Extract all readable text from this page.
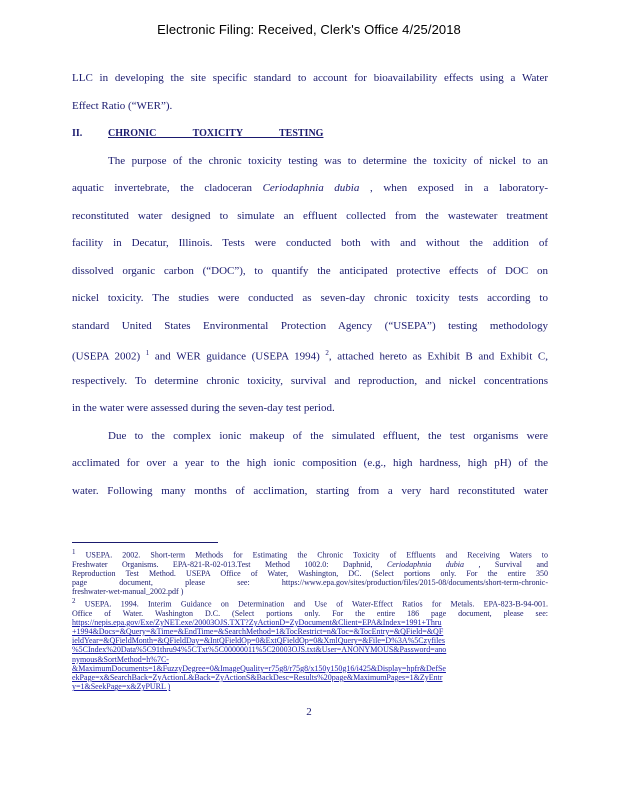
Electronic Filing: Received, Clerk's Office 4/25/2018
LLC in developing the site specific standard to account for bioavailability effects using a Water
Effect Ratio (“WER”).
II.	CHRONIC TOXICITY TESTING
The purpose of the chronic toxicity testing was to determine the toxicity of nickel to an
aquatic invertebrate, the cladoceran Ceriodaphnia dubia , when exposed in a laboratory-
reconstituted water designed to simulate an effluent collected from the wastewater treatment
facility in Decatur, Illinois. Tests were conducted both with and without the addition of
dissolved organic carbon (“DOC”), to quantify the anticipated protective effects of DOC on
nickel toxicity. The studies were conducted as seven-day chronic toxicity tests according to
standard United States Environmental Protection Agency (“USEPA”) testing methodology
(USEPA 2002) $^1$ and WER guidance (USEPA 1994) $^2$, attached hereto as Exhibit B and Exhibit C,
respectively. To determine chronic toxicity, survival and reproduction, and nickel concentrations
in the water were assessed during the seven-day test period.
Due to the complex ionic makeup of the simulated effluent, the test organisms were
acclimated for over a year to the high ionic composition (e.g., high hardness, high pH) of the
water. Following many months of acclimation, starting from a very hard reconstituted water
1 USEPA. 2002. Short-term Methods for Estimating the Chronic Toxicity of Effluents and Receiving Waters to
Freshwater Organisms. EPA-821-R-02-013.Test Method 1002.0: Daphnid, Ceriodaphnia dubia , Survival and
Reproduction Test Method. USEPA Office of Water, Washington, DC. (Select portions only. For the entire 350
page document, please see: https://www.epa.gov/sites/production/files/2015-08/documents/short-term-chronic-
freshwater-wet-manual_2002.pdf )
2 USEPA. 1994. Interim Guidance on Determination and Use of Water-Effect Ratios for Metals. EPA-823-B-94-001.
Office of Water. Washington D.C. (Select portions only. For the entire 186 page document, please see:
https://nepis.epa.gov/Exe/ZyNET.exe/20003OJS.TXT?ZyActionD=ZyDocument&Client=EPA&Index=1991+Thru
+1994&Docs=&Query=&Time=&EndTime=&SearchMethod=1&TocRestrict=n&Toc=&TocEntry=&QField=&QF
ieldYear=&QFieldMonth=&QFieldDay=&IntQFieldOp=0&ExtQFieldOp=0&XmlQuery=&File=D%3A%5Czyfiles
%5CIndex%20Data%5C91thru94%5CTxt%5C00000011%5C20003OJS.txt&User=ANONYMOUS&Password=ano
nymous&SortMethod=h%7C-
&MaximumDocuments=1&FuzzyDegree=0&ImageQuality=r75g8/r75g8/x150y150g16/i425&Display=hpfr&DefSe
ekPage=x&SearchBack=ZyActionL&Back=ZyActionS&BackDesc=Results%20page&MaximumPages=1&ZyEntr
y=1&SeekPage=x&ZyPURL )
2
